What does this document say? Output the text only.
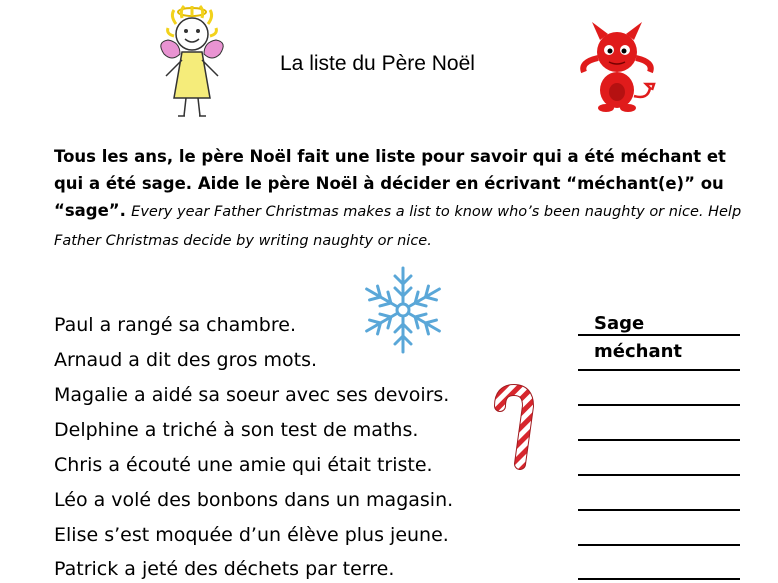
La liste du Père Noël
Tous les ans, le père Noël fait une liste pour savoir qui a été méchant et qui a été sage. Aide le père Noël à décider en écrivant “méchant(e)” ou “sage”. Every year Father Christmas makes a list to know who’s been naughty or nice. Help Father Christmas decide by writing naughty or nice.
Paul a rangé sa chambre.
Arnaud a dit des gros mots.
Magalie a aidé sa soeur avec ses devoirs.
Delphine a triché à son test de maths.
Chris a écouté une amie qui était triste.
Léo a volé des bonbons dans un magasin.
Elise s’est moquée d’un élève plus jeune.
Patrick a jeté des déchets par terre.
Sage
méchant
